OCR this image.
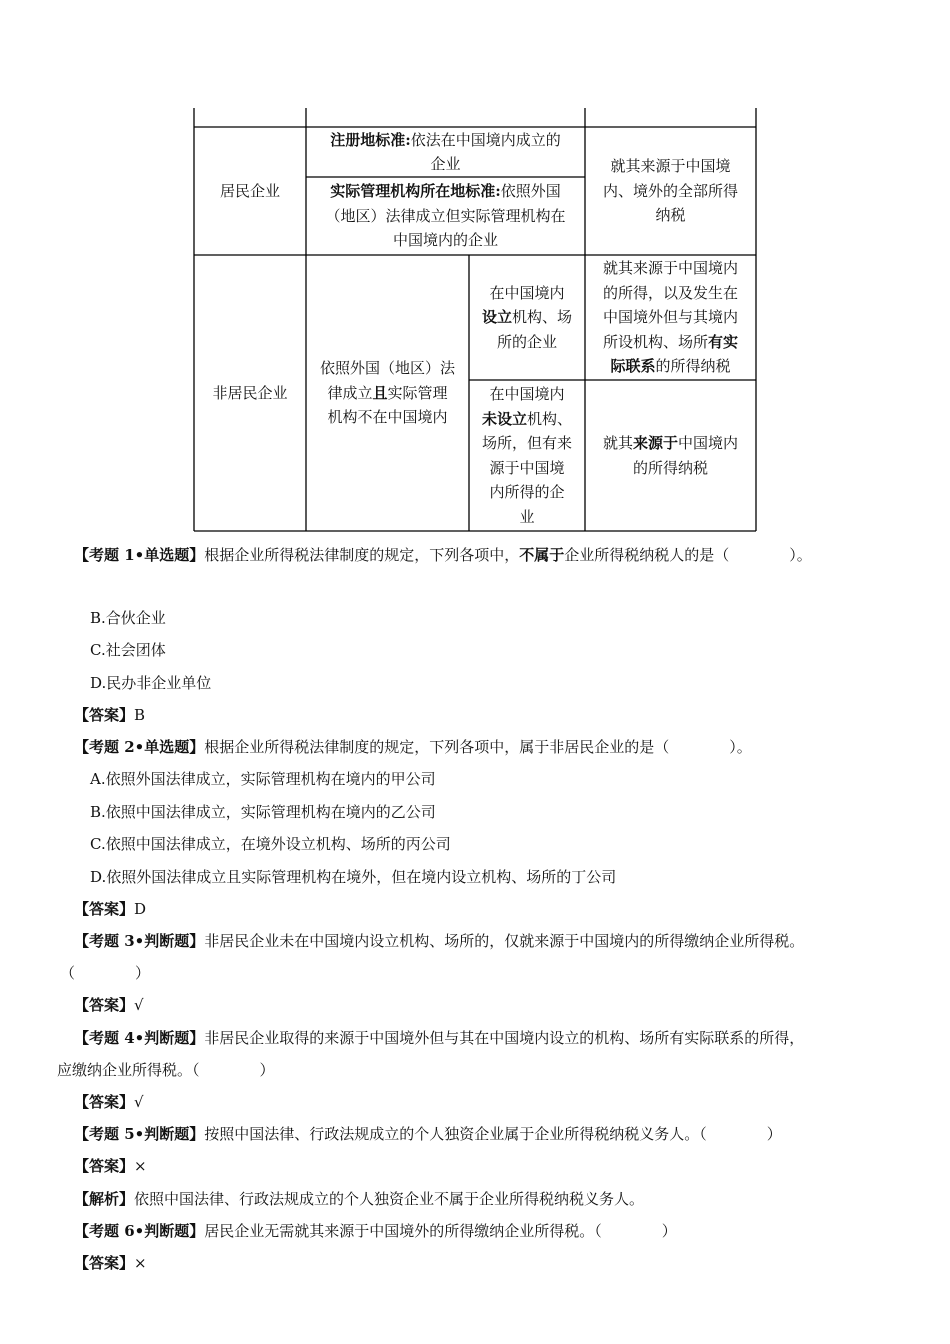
居民企业
注册地标准:依法在中国境内成立的
企业
实际管理机构所在地标准:依照外国
（地区）法律成立但实际管理机构在
中国境内的企业
就其来源于中国境
内、境外的全部所得
纳税
非居民企业
依照外国（地区）法
律成立且实际管理
机构不在中国境内
在中国境内
设立机构、场
所的企业
在中国境内
未设立机构、
场所，但有来
源于中国境
内所得的企
业
就其来源于中国境内
的所得，以及发生在
中国境外但与其境内
所设机构、场所有实
际联系的所得纳税
就其来源于中国境内
的所得纳税
【考题 1•单选题】根据企业所得税法律制度的规定，下列各项中，不属于企业所得税纳税人的是（　　　　）。
B.合伙企业
C.社会团体
D.民办非企业单位
【答案】B
【考题 2•单选题】根据企业所得税法律制度的规定，下列各项中，属于非居民企业的是（　　　　）。
A.依照外国法律成立，实际管理机构在境内的甲公司
B.依照中国法律成立，实际管理机构在境内的乙公司
C.依照中国法律成立，在境外设立机构、场所的丙公司
D.依照外国法律成立且实际管理机构在境外，但在境内设立机构、场所的丁公司
【答案】D
【考题 3•判断题】非居民企业未在中国境内设立机构、场所的，仅就来源于中国境内的所得缴纳企业所得税。
（　　　　）
【答案】√
【考题 4•判断题】非居民企业取得的来源于中国境外但与其在中国境内设立的机构、场所有实际联系的所得，
应缴纳企业所得税。（　　　　）
【答案】√
【考题 5•判断题】按照中国法律、行政法规成立的个人独资企业属于企业所得税纳税义务人。（　　　　）
【答案】×
【解析】依照中国法律、行政法规成立的个人独资企业不属于企业所得税纳税义务人。
【考题 6•判断题】居民企业无需就其来源于中国境外的所得缴纳企业所得税。（　　　　）
【答案】×
